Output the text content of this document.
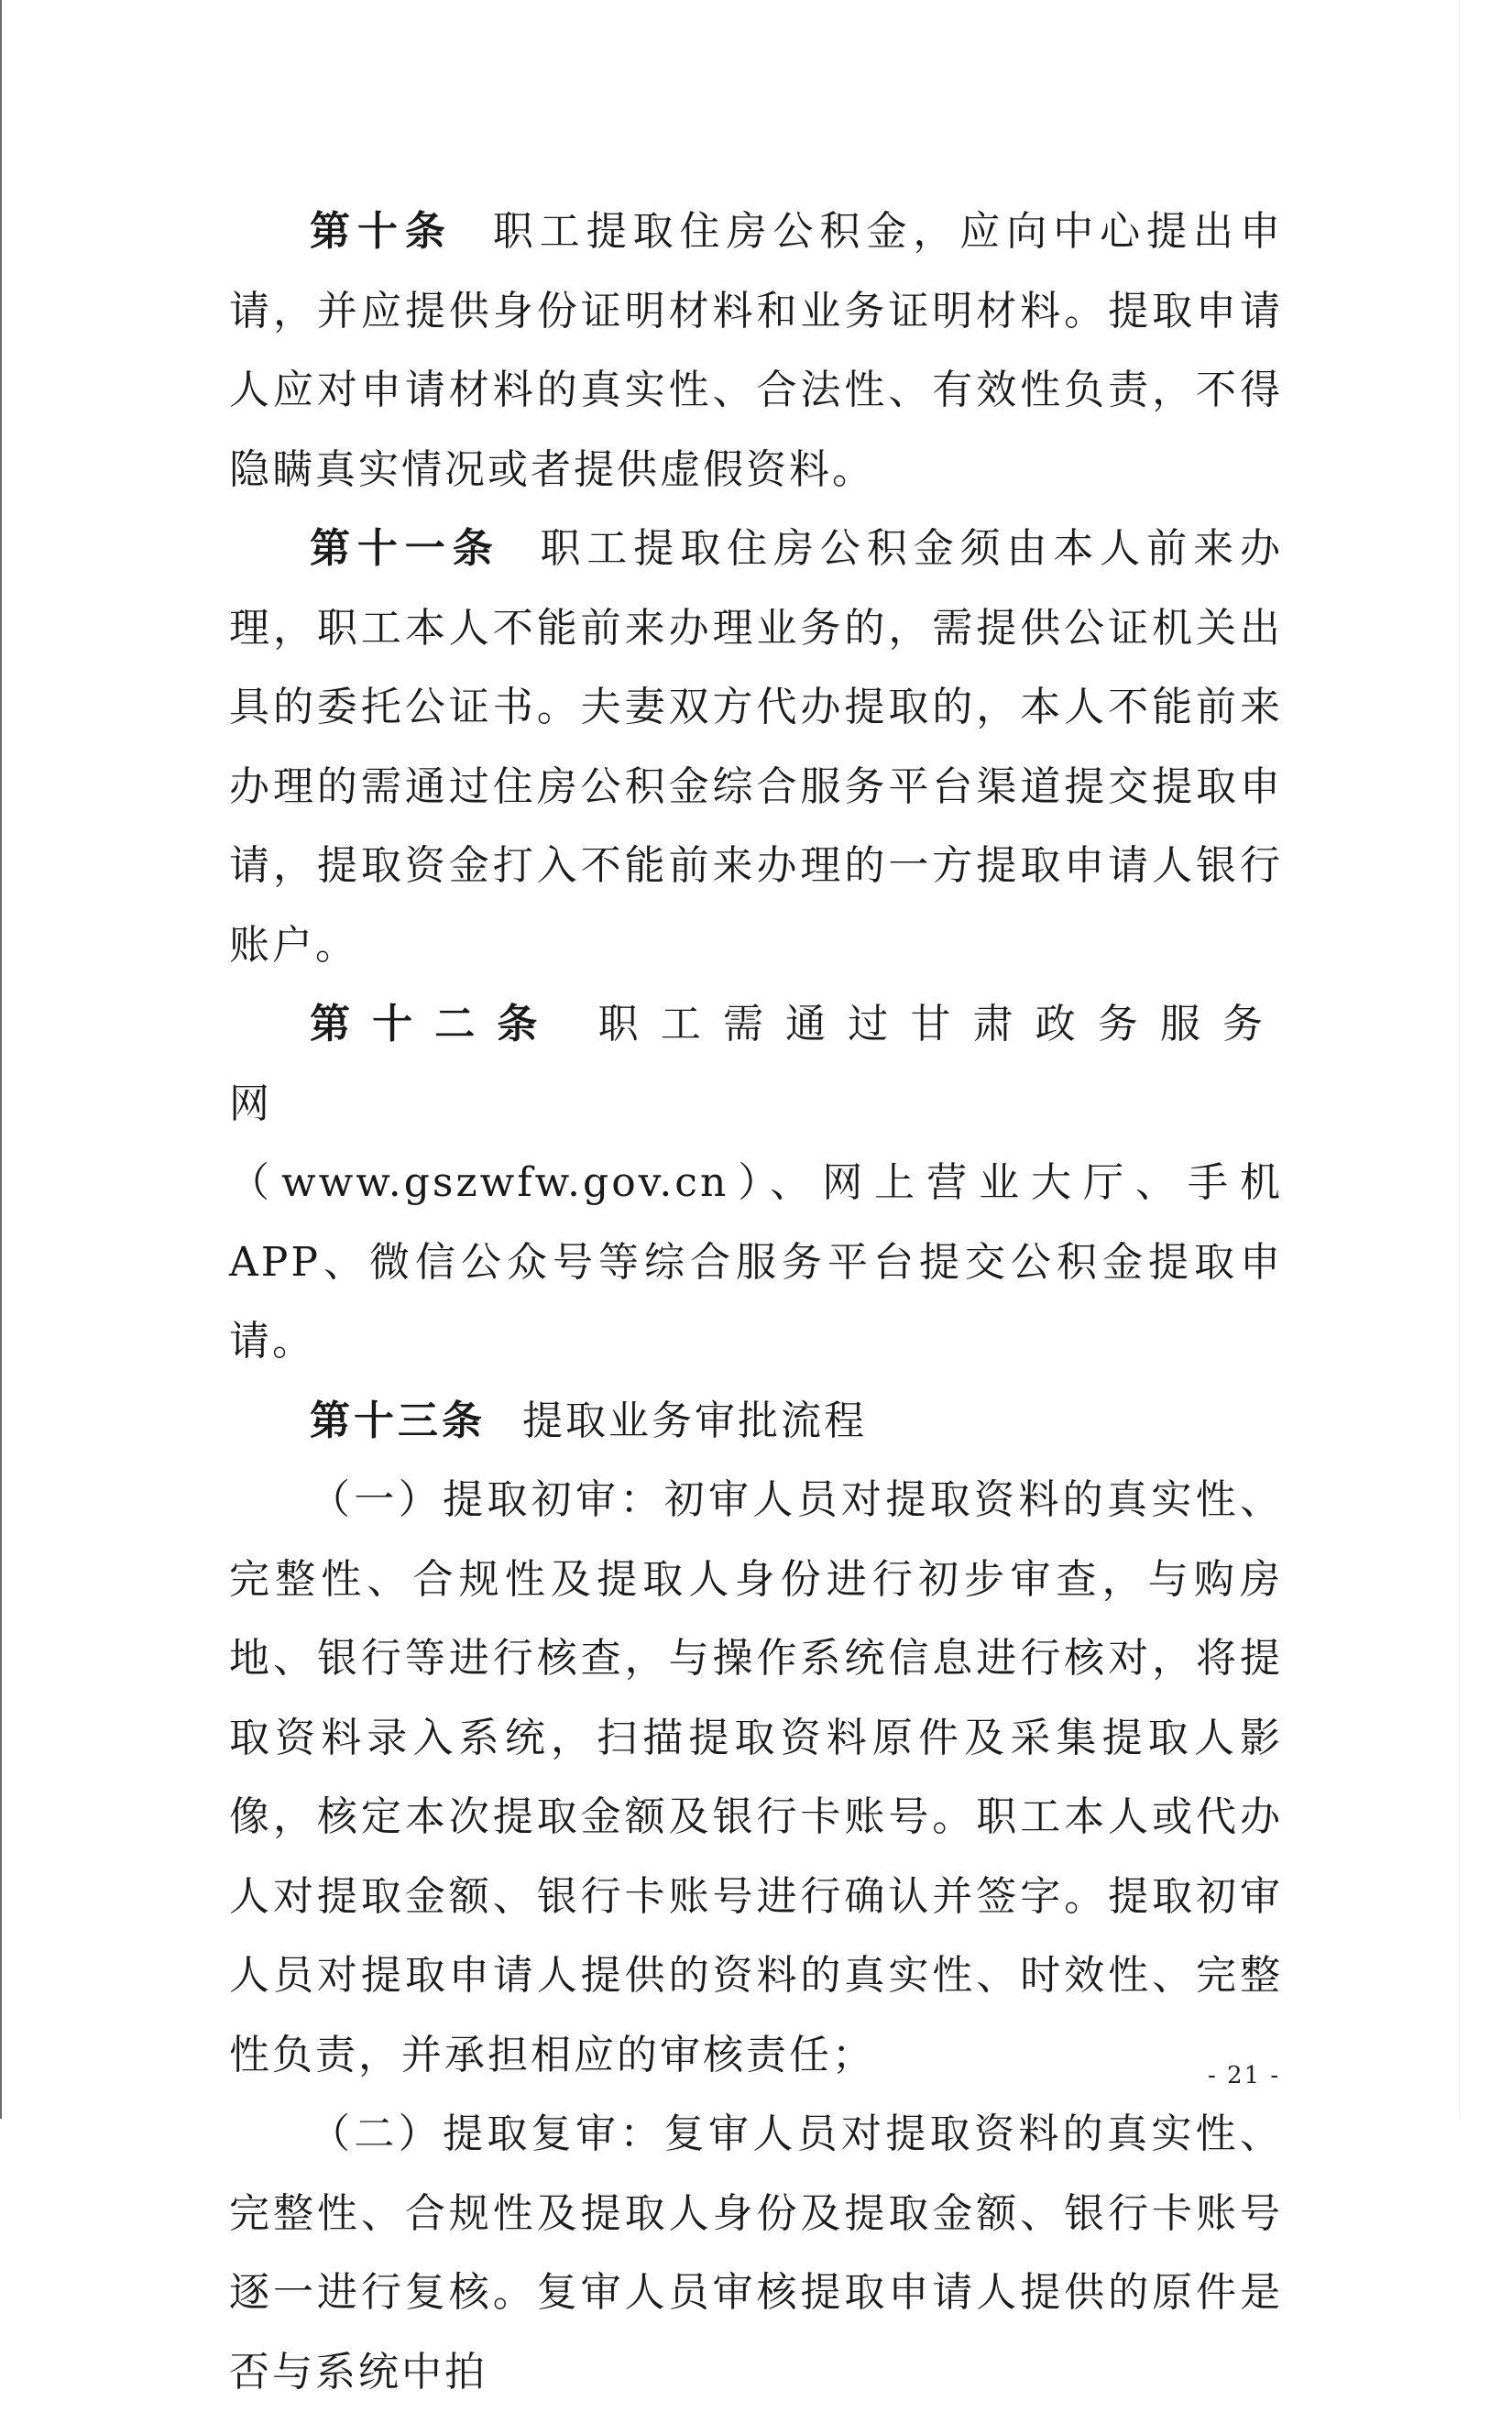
第十条 职工提取住房公积金，应向中心提出申请，并应提供身份证明材料和业务证明材料。提取申请人应对申请材料的真实性、合法性、有效性负责，不得隐瞒真实情况或者提供虚假资料。

第十一条 职工提取住房公积金须由本人前来办理，职工本人不能前来办理业务的，需提供公证机关出具的委托公证书。夫妻双方代办提取的，本人不能前来办理的需通过住房公积金综合服务平台渠道提交提取申请，提取资金打入不能前来办理的一方提取申请人银行账户。

第十二条 职工需通过甘肃政务服务网

（www.gszwfw.gov.cn）、网上营业大厅、手机APP、微信公众号等综合服务平台提交公积金提取申请。

第十三条 提取业务审批流程

（一）提取初审：初审人员对提取资料的真实性、完整性、合规性及提取人身份进行初步审查，与购房地、银行等进行核查，与操作系统信息进行核对，将提取资料录入系统，扫描提取资料原件及采集提取人影像，核定本次提取金额及银行卡账号。职工本人或代办人对提取金额、银行卡账号进行确认并签字。提取初审人员对提取申请人提供的资料的真实性、时效性、完整性负责，并承担相应的审核责任；

（二）提取复审：复审人员对提取资料的真实性、完整性、合规性及提取人身份及提取金额、银行卡账号逐一进行复核。复审人员审核提取申请人提供的原件是否与系统中拍

- 21 -
